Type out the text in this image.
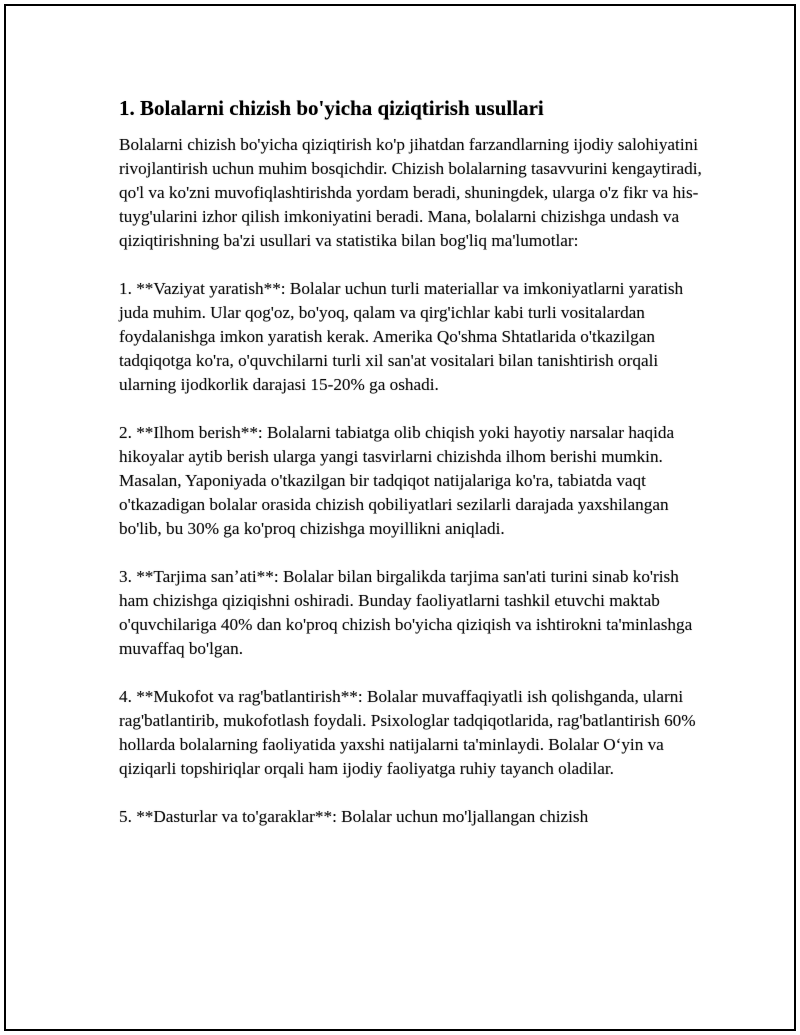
1. Bolalarni chizish bo'yicha qiziqtirish usullari
Bolalarni chizish bo'yicha qiziqtirish ko'p jihatdan farzandlarning ijodiy salohiyatini rivojlantirish uchun muhim bosqichdir. Chizish bolalarning tasavvurini kengaytiradi, qo'l va ko'zni muvofiqlashtirishda yordam beradi, shuningdek, ularga o'z fikr va his-tuyg'ularini izhor qilish imkoniyatini beradi. Mana, bolalarni chizishga undash va qiziqtirishning ba'zi usullari va statistika bilan bog'liq ma'lumotlar:
1. **Vaziyat yaratish**: Bolalar uchun turli materiallar va imkoniyatlarni yaratish juda muhim. Ular qog'oz, bo'yoq, qalam va qirg'ichlar kabi turli vositalardan foydalanishga imkon yaratish kerak. Amerika Qo'shma Shtatlarida o'tkazilgan tadqiqotga ko'ra, o'quvchilarni turli xil san'at vositalari bilan tanishtirish orqali ularning ijodkorlik darajasi 15-20% ga oshadi.
2. **Ilhom berish**: Bolalarni tabiatga olib chiqish yoki hayotiy narsalar haqida hikoyalar aytib berish ularga yangi tasvirlarni chizishda ilhom berishi mumkin. Masalan, Yaponiyada o'tkazilgan bir tadqiqot natijalariga ko'ra, tabiatda vaqt o'tkazadigan bolalar orasida chizish qobiliyatlari sezilarli darajada yaxshilangan bo'lib, bu 30% ga ko'proq chizishga moyillikni aniqladi.
3. **Tarjima sanʼati**: Bolalar bilan birgalikda tarjima san'ati turini sinab ko'rish ham chizishga qiziqishni oshiradi. Bunday faoliyatlarni tashkil etuvchi maktab o'quvchilariga 40% dan ko'proq chizish bo'yicha qiziqish va ishtirokni ta'minlashga muvaffaq bo'lgan.
4. **Mukofot va rag'batlantirish**: Bolalar muvaffaqiyatli ish qolishganda, ularni rag'batlantirib, mukofotlash foydali. Psixologlar tadqiqotlarida, rag'batlantirish 60% hollarda bolalarning faoliyatida yaxshi natijalarni ta'minlaydi. Bolalar O‘yin va qiziqarli topshiriqlar orqali ham ijodiy faoliyatga ruhiy tayanch oladilar.
5. **Dasturlar va to'garaklar**: Bolalar uchun mo'ljallangan chizish
